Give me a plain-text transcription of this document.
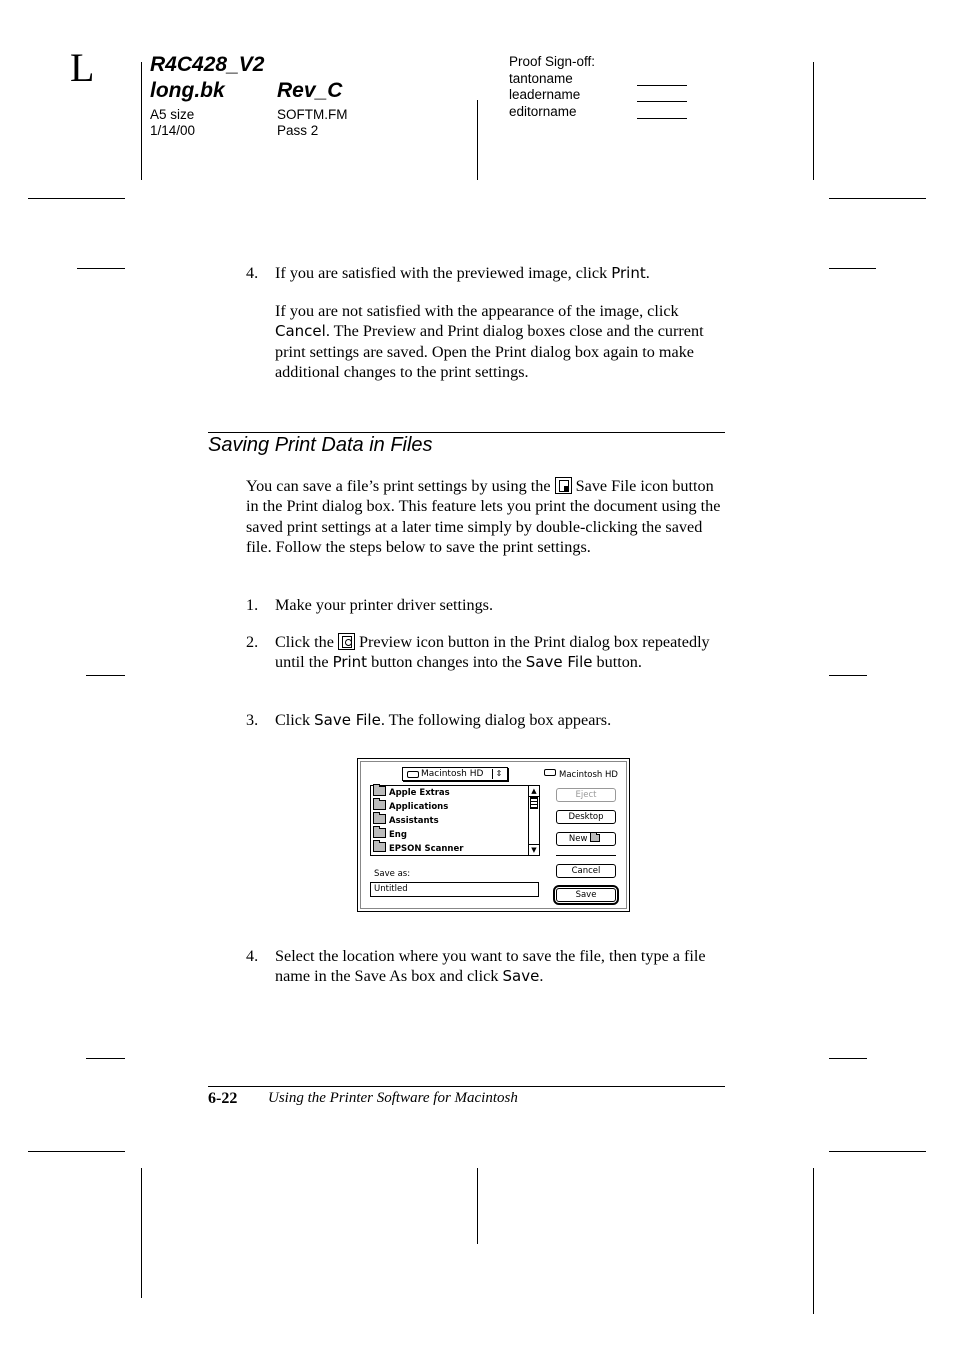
L	R4C428_V2
long.bk Rev_C
A5 size
1/14/00
SOFTM.FM
Pass 2
Proof Sign-off:
tantoname
leadername
editorname
4. If you are satisfied with the previewed image, click Print.
If you are not satisfied with the appearance of the image, click Cancel. The Preview and Print dialog boxes close and the current print settings are saved. Open the Print dialog box again to make additional changes to the print settings.
Saving Print Data in Files
You can save a file’s print settings by using the  Save File icon button in the Print dialog box. This feature lets you print the document using the saved print settings at a later time simply by double-clicking the saved file. Follow the steps below to save the print settings.
1. Make your printer driver settings.
2. Click the  Preview icon button in the Print dialog box repeatedly until the Print button changes into the Save File button.
3. Click Save File. The following dialog box appears.
Macintosh HD	⇕	Macintosh HD
Apple Extras
Applications
Assistants
Eng
EPSON Scanner
▲
▼
Eject
Desktop
New
Cancel
Save
Save as:
Untitled
4. Select the location where you want to save the file, then type a file name in the Save As box and click Save.
6-22 Using the Printer Software for Macintosh
